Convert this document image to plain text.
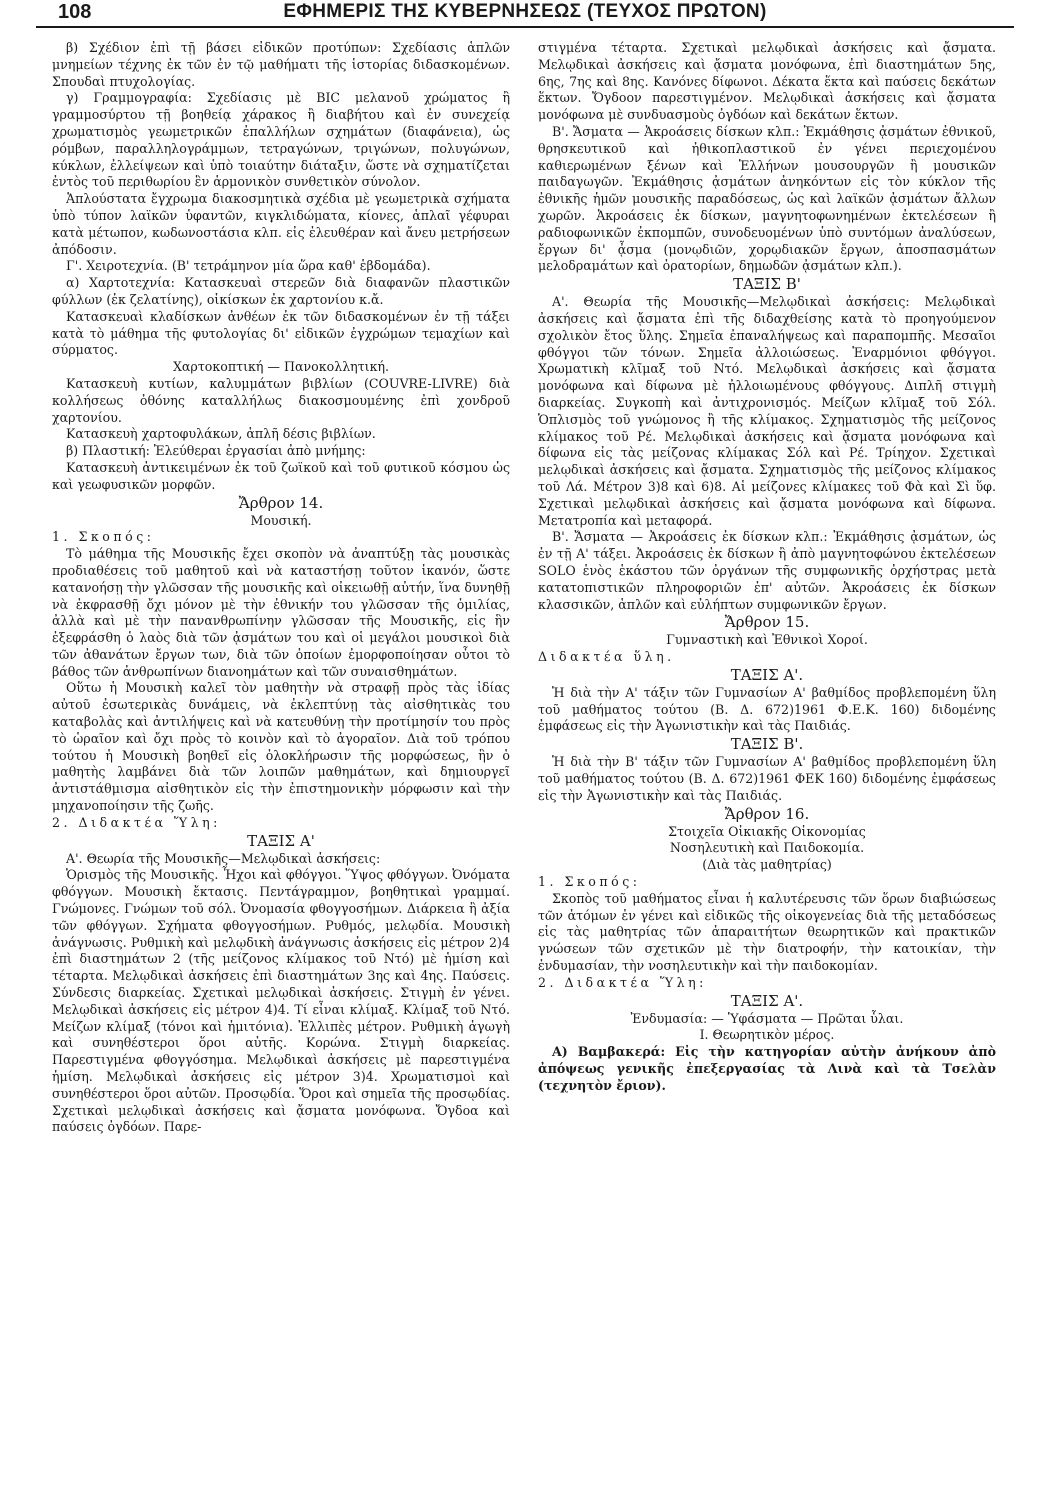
108	ΕΦΗΜΕΡΙΣ ΤΗΣ ΚΥΒΕΡΝΗΣΕΩΣ (ΤΕΥΧΟΣ ΠΡΩΤΟΝ)

β) Σχέδιον ἐπὶ τῇ βάσει εἰδικῶν προτύπων: Σχεδίασις ἁπλῶν μνημείων τέχνης ἐκ τῶν ἐν τῷ μαθήματι τῆς ἱστορίας διδασκομένων. Σπουδαὶ πτυχολογίας.

γ) Γραμμογραφία: Σχεδίασις μὲ BIC μελανοῦ χρώματος ἢ γραμμοσύρτου τῇ βοηθείᾳ χάρακος ἢ διαβήτου καὶ ἐν συνεχείᾳ χρωματισμὸς γεωμετρικῶν ἐπαλλήλων σχημάτων (διαφάνεια), ὡς ρόμβων, παραλληλογράμμων, τετραγώνων, τριγώνων, πολυγώνων, κύκλων, ἐλλείψεων καὶ ὑπὸ τοιαύτην διάταξιν, ὥστε νὰ σχηματίζεται ἐντὸς τοῦ περιθωρίου ἓν ἁρμονικὸν συνθετικὸν σύνολον.

Ἁπλούστατα ἔγχρωμα διακοσμητικὰ σχέδια μὲ γεωμετρικὰ σχήματα ὑπὸ τύπον λαϊκῶν ὑφαντῶν, κιγκλιδώματα, κίονες, ἁπλαῖ γέφυραι κατὰ μέτωπον, κωδωνοστάσια κλπ. εἰς ἐλευθέραν καὶ ἄνευ μετρήσεων ἀπόδοσιν.

Γ'. Χειροτεχνία. (Β' τετράμηνον μία ὥρα καθ' ἑβδομάδα).

α) Χαρτοτεχνία: Κατασκευαὶ στερεῶν διὰ διαφανῶν πλαστικῶν φύλλων (ἐκ ζελατίνης), οἰκίσκων ἐκ χαρτονίου κ.ἄ.

Κατασκευαὶ κλαδίσκων ἀνθέων ἐκ τῶν διδασκομένων ἐν τῇ τάξει κατὰ τὸ μάθημα τῆς φυτολογίας δι' εἰδικῶν ἐγχρώμων τεμαχίων καὶ σύρματος.

Χαρτοκοπτική — Πανοκολλητική.

Κατασκευὴ κυτίων, καλυμμάτων βιβλίων (COUVRE-LIVRE) διὰ κολλήσεως ὀθόνης καταλλήλως διακοσμουμένης ἐπὶ χονδροῦ χαρτονίου.

Κατασκευὴ χαρτοφυλάκων, ἁπλῆ δέσις βιβλίων.

β) Πλαστική: Ἐλεύθεραι ἐργασίαι ἀπὸ μνήμης:

Κατασκευὴ ἀντικειμένων ἐκ τοῦ ζωϊκοῦ καὶ τοῦ φυτικοῦ κόσμου ὡς καὶ γεωφυσικῶν μορφῶν.

Ἄρθρον 14.

Μουσική.

1. Σκοπός:

Τὸ μάθημα τῆς Μουσικῆς ἔχει σκοπὸν νὰ ἀναπτύξῃ τὰς μουσικὰς προδιαθέσεις τοῦ μαθητοῦ καὶ νὰ καταστήσῃ τοῦτον ἱκανόν, ὥστε κατανοήσῃ τὴν γλῶσσαν τῆς μουσικῆς καὶ οἰκειωθῇ αὐτήν, ἵνα δυνηθῇ νὰ ἐκφρασθῇ ὄχι μόνον μὲ τὴν ἐθνικήν του γλῶσσαν τῆς ὁμιλίας, ἀλλὰ καὶ μὲ τὴν πανανθρωπίνην γλῶσσαν τῆς Μουσικῆς, εἰς ἣν ἐξεφράσθη ὁ λαὸς διὰ τῶν ᾀσμάτων του καὶ οἱ μεγάλοι μουσικοὶ διὰ τῶν ἀθανάτων ἔργων των, διὰ τῶν ὁποίων ἐμορφοποίησαν οὗτοι τὸ βάθος τῶν ἀνθρωπίνων διανοημάτων καὶ τῶν συναισθημάτων.

Οὕτω ἡ Μουσικὴ καλεῖ τὸν μαθητὴν νὰ στραφῇ πρὸς τὰς ἰδίας αὐτοῦ ἐσωτερικὰς δυνάμεις, νὰ ἐκλεπτύνῃ τὰς αἰσθητικὰς του καταβολὰς καὶ ἀντιλήψεις καὶ νὰ κατευθύνῃ τὴν προτίμησίν του πρὸς τὸ ὡραῖον καὶ ὄχι πρὸς τὸ κοινὸν καὶ τὸ ἀγοραῖον. Διὰ τοῦ τρόπου τούτου ἡ Μουσικὴ βοηθεῖ εἰς ὁλοκλήρωσιν τῆς μορφώσεως, ἣν ὁ μαθητὴς λαμβάνει διὰ τῶν λοιπῶν μαθημάτων, καὶ δημιουργεῖ ἀντιστάθμισμα αἰσθητικὸν εἰς τὴν ἐπιστημονικὴν μόρφωσιν καὶ τὴν μηχανοποίησιν τῆς ζωῆς.

2. Διδακτέα Ὕλη:

ΤΑΞΙΣ Α'

Α'. Θεωρία τῆς Μουσικῆς—Μελῳδικαὶ ἀσκήσεις:

Ὁρισμὸς τῆς Μουσικῆς. Ἦχοι καὶ φθόγγοι. Ὕψος φθόγγων. Ὀνόματα φθόγγων. Μουσικὴ ἔκτασις. Πεντάγραμμον, βοηθητικαὶ γραμμαί. Γνώμονες. Γνώμων τοῦ σόλ. Ὀνομασία φθογγοσήμων. Διάρκεια ἢ ἀξία τῶν φθόγγων. Σχήματα φθογγοσήμων. Ρυθμός, μελῳδία. Μουσικὴ ἀνάγνωσις. Ρυθμικὴ καὶ μελῳδικὴ ἀνάγνωσις ἀσκήσεις εἰς μέτρον 2)4 ἐπὶ διαστημάτων 2 (τῆς μείζονος κλίμακος τοῦ Ντό) μὲ ἡμίση καὶ τέταρτα. Μελῳδικαὶ ἀσκήσεις ἐπὶ διαστημάτων 3ης καὶ 4ης. Παύσεις. Σύνδεσις διαρκείας. Σχετικαὶ μελῳδικαὶ ἀσκήσεις. Στιγμὴ ἐν γένει. Μελῳδικαὶ ἀσκήσεις εἰς μέτρον 4)4. Τί εἶναι κλίμαξ. Κλίμαξ τοῦ Ντό. Μείζων κλίμαξ (τόνοι καὶ ἡμιτόνια). Ἐλλιπὲς μέτρον. Ρυθμικὴ ἀγωγὴ καὶ συνηθέστεροι ὅροι αὐτῆς. Κορώνα. Στιγμὴ διαρκείας. Παρεστιγμένα φθογγόσημα. Μελῳδικαὶ ἀσκήσεις μὲ παρεστιγμένα ἡμίση. Μελῳδικαὶ ἀσκήσεις εἰς μέτρον 3)4. Χρωματισμοὶ καὶ συνηθέστεροι ὅροι αὐτῶν. Προσῳδία. Ὅροι καὶ σημεῖα τῆς προσῳδίας. Σχετικαὶ μελῳδικαὶ ἀσκήσεις καὶ ᾄσματα μονόφωνα. Ὄγδοα καὶ παύσεις ὀγδόων. Παρε-

στιγμένα τέταρτα. Σχετικαὶ μελῳδικαὶ ἀσκήσεις καὶ ᾄσματα. Μελῳδικαὶ ἀσκήσεις καὶ ᾄσματα μονόφωνα, ἐπὶ διαστημάτων 5ης, 6ης, 7ης καὶ 8ης. Κανόνες δίφωνοι. Δέκατα ἕκτα καὶ παύσεις δεκάτων ἕκτων. Ὄγδοον παρεστιγμένον. Μελῳδικαὶ ἀσκήσεις καὶ ᾄσματα μονόφωνα μὲ συνδυασμοὺς ὀγδόων καὶ δεκάτων ἕκτων.

Β'. Ἄσματα — Ἀκροάσεις δίσκων κλπ.: Ἐκμάθησις ᾀσμάτων ἐθνικοῦ, θρησκευτικοῦ καὶ ἠθικοπλαστικοῦ ἐν γένει περιεχομένου καθιερωμένων ξένων καὶ Ἑλλήνων μουσουργῶν ἢ μουσικῶν παιδαγωγῶν. Ἐκμάθησις ᾀσμάτων ἀνηκόντων εἰς τὸν κύκλον τῆς ἐθνικῆς ἡμῶν μουσικῆς παραδόσεως, ὡς καὶ λαϊκῶν ᾀσμάτων ἄλλων χωρῶν. Ἀκροάσεις ἐκ δίσκων, μαγνητοφωνημένων ἐκτελέσεων ἢ ραδιοφωνικῶν ἐκπομπῶν, συνοδευομένων ὑπὸ συντόμων ἀναλύσεων, ἔργων δι' ᾆσμα (μονῳδιῶν, χορῳδιακῶν ἔργων, ἀποσπασμάτων μελοδραμάτων καὶ ὀρατορίων, δημωδῶν ᾀσμάτων κλπ.).

ΤΑΞΙΣ Β'

Α'. Θεωρία τῆς Μουσικῆς—Μελῳδικαὶ ἀσκήσεις: Μελῳδικαὶ ἀσκήσεις καὶ ᾄσματα ἐπὶ τῆς διδαχθείσης κατὰ τὸ προηγούμενον σχολικὸν ἔτος ὕλης. Σημεῖα ἐπαναλήψεως καὶ παραπομπῆς. Μεσαῖοι φθόγγοι τῶν τόνων. Σημεῖα ἀλλοιώσεως. Ἐναρμόνιοι φθόγγοι. Χρωματικὴ κλῖμαξ τοῦ Ντό. Μελῳδικαὶ ἀσκήσεις καὶ ᾄσματα μονόφωνα καὶ δίφωνα μὲ ἠλλοιωμένους φθόγγους. Διπλῆ στιγμὴ διαρκείας. Συγκοπὴ καὶ ἀντιχρονισμός. Μείζων κλῖμαξ τοῦ Σόλ. Ὁπλισμὸς τοῦ γνώμονος ἢ τῆς κλίμακος. Σχηματισμὸς τῆς μείζονος κλίμακος τοῦ Ρέ. Μελῳδικαὶ ἀσκήσεις καὶ ᾄσματα μονόφωνα καὶ δίφωνα εἰς τὰς μείζονας κλίμακας Σόλ καὶ Ρέ. Τρίηχον. Σχετικαὶ μελῳδικαὶ ἀσκήσεις καὶ ᾄσματα. Σχηματισμὸς τῆς μείζονος κλίμακος τοῦ Λά. Μέτρον 3)8 καὶ 6)8. Αἱ μείζονες κλίμακες τοῦ Φὰ καὶ Σὶ ὕφ. Σχετικαὶ μελῳδικαὶ ἀσκήσεις καὶ ᾄσματα μονόφωνα καὶ δίφωνα. Μετατροπία καὶ μεταφορά.

Β'. Ἄσματα — Ἀκροάσεις ἐκ δίσκων κλπ.: Ἐκμάθησις ᾀσμάτων, ὡς ἐν τῇ Α' τάξει. Ἀκροάσεις ἐκ δίσκων ἢ ἀπὸ μαγνητοφώνου ἐκτελέσεων SOLO ἑνὸς ἑκάστου τῶν ὀργάνων τῆς συμφωνικῆς ὀρχήστρας μετὰ κατατοπιστικῶν πληροφοριῶν ἐπ' αὐτῶν. Ἀκροάσεις ἐκ δίσκων κλασσικῶν, ἁπλῶν καὶ εὐλήπτων συμφωνικῶν ἔργων.

Ἄρθρον 15.

Γυμναστικὴ καὶ Ἐθνικοὶ Χοροί.

Διδακτέα ὕλη.

ΤΑΞΙΣ Α'.

Ἡ διὰ τὴν Α' τάξιν τῶν Γυμνασίων Α' βαθμίδος προβλεπομένη ὕλη τοῦ μαθήματος τούτου (Β. Δ. 672)1961 Φ.Ε.Κ. 160) διδομένης ἐμφάσεως εἰς τὴν Ἀγωνιστικὴν καὶ τὰς Παιδιάς.

ΤΑΞΙΣ Β'.

Ἡ διὰ τὴν Β' τάξιν τῶν Γυμνασίων Α' βαθμίδος προβλεπομένη ὕλη τοῦ μαθήματος τούτου (Β. Δ. 672)1961 ΦΕΚ 160) διδομένης ἐμφάσεως εἰς τὴν Ἀγωνιστικὴν καὶ τὰς Παιδιάς.

Ἄρθρον 16.

Στοιχεῖα Οἰκιακῆς Οἰκονομίας

Νοσηλευτικὴ καὶ Παιδοκομία.

(Διὰ τὰς μαθητρίας)

1. Σκοπός:

Σκοπὸς τοῦ μαθήματος εἶναι ἡ καλυτέρευσις τῶν ὅρων διαβιώσεως τῶν ἀτόμων ἐν γένει καὶ εἰδικῶς τῆς οἰκογενείας διὰ τῆς μεταδόσεως εἰς τὰς μαθητρίας τῶν ἀπαραιτήτων θεωρητικῶν καὶ πρακτικῶν γνώσεων τῶν σχετικῶν μὲ τὴν διατροφήν, τὴν κατοικίαν, τὴν ἐνδυμασίαν, τὴν νοσηλευτικὴν καὶ τὴν παιδοκομίαν.

2. Διδακτέα Ὕλη:

ΤΑΞΙΣ Α'.

Ἐνδυμασία: — Ὑφάσματα — Πρῶται ὗλαι.

Ι. Θεωρητικὸν μέρος.

Α) Βαμβακερά: Εἰς τὴν κατηγορίαν αὐτὴν ἀνήκουν ἀπὸ ἀπόψεως γενικῆς ἐπεξεργασίας τὰ Λινὰ καὶ τὰ Τσελὰν (τεχνητὸν ἔριον).
